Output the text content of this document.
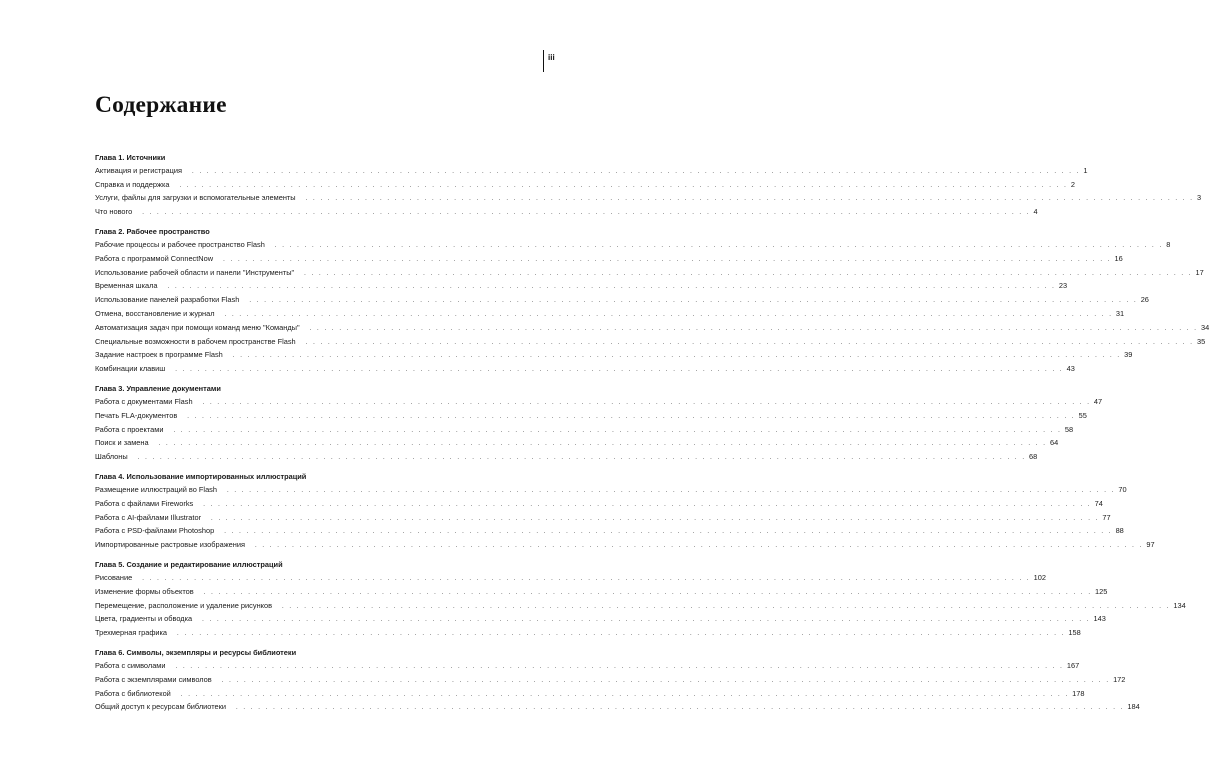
iii
Содержание
Глава 1. Источники
Активация и регистрация . . . . . . . . . . . . . . . . . . . . . . . . . . . . . . . . . . . . . . . . . . . . . . . . . . . . . . . . . . . . . . . . . . . . . . . . . . . . . . . . . . . . . . . . . . . . . . . . . . . . . . . . . . . . . . . . . . . . . . . . 1
Справка и поддержка . . . . . . . . . . . . . . . . . . . . . . . . . . . . . . . . . . . . . . . . . . . . . . . . . . . . . . . . . . . . . . . . . . . . . . . . . . . . . . . . . . . . . . . . . . . . . . . . . . . . . . . . . . . . . . . . . . . . . . . . 2
Услуги, файлы для загрузки и вспомогательные элементы . . . . . . . . . . . . . . . . . . . . . . . . . . . . . . . . . . . . . . . . . . . . . . . . . . . . . . . . . . . . . . . . . . . . . . . . . . . . . . . . . . . . . . . . . . . . . . . . . . . . . . . . . . . . . . . . . . . . . . . . 3
Что нового . . . . . . . . . . . . . . . . . . . . . . . . . . . . . . . . . . . . . . . . . . . . . . . . . . . . . . . . . . . . . . . . . . . . . . . . . . . . . . . . . . . . . . . . . . . . . . . . . . . . . . . . . . . . . . . . . . . . . . . . 4
Глава 2. Рабочее пространство
Рабочие процессы и рабочее пространство Flash . . . . . . . . . . . . . . . . . . . . . . . . . . . . . . . . . . . . . . . . . . . . . . . . . . . . . . . . . . . . . . . . . . . . . . . . . . . . . . . . . . . . . . . . . . . . . . . . . . . . . . . . . . . . . . . . . . . . . . . . 8
Работа с программой ConnectNow . . . . . . . . . . . . . . . . . . . . . . . . . . . . . . . . . . . . . . . . . . . . . . . . . . . . . . . . . . . . . . . . . . . . . . . . . . . . . . . . . . . . . . . . . . . . . . . . . . . . . . . . . . . . . . . . . . . . . . . . 16
Использование рабочей области и панели "Инструменты" . . . . . . . . . . . . . . . . . . . . . . . . . . . . . . . . . . . . . . . . . . . . . . . . . . . . . . . . . . . . . . . . . . . . . . . . . . . . . . . . . . . . . . . . . . . . . . . . . . . . . . . . . . . . . . . . . . . . . . . . 17
Временная шкала . . . . . . . . . . . . . . . . . . . . . . . . . . . . . . . . . . . . . . . . . . . . . . . . . . . . . . . . . . . . . . . . . . . . . . . . . . . . . . . . . . . . . . . . . . . . . . . . . . . . . . . . . . . . . . . . . . . . . . . . 23
Использование панелей разработки Flash . . . . . . . . . . . . . . . . . . . . . . . . . . . . . . . . . . . . . . . . . . . . . . . . . . . . . . . . . . . . . . . . . . . . . . . . . . . . . . . . . . . . . . . . . . . . . . . . . . . . . . . . . . . . . . . . . . . . . . . . 26
Отмена, восстановление и журнал . . . . . . . . . . . . . . . . . . . . . . . . . . . . . . . . . . . . . . . . . . . . . . . . . . . . . . . . . . . . . . . . . . . . . . . . . . . . . . . . . . . . . . . . . . . . . . . . . . . . . . . . . . . . . . . . . . . . . . . . 31
Автоматизация задач при помощи команд меню "Команды" . . . . . . . . . . . . . . . . . . . . . . . . . . . . . . . . . . . . . . . . . . . . . . . . . . . . . . . . . . . . . . . . . . . . . . . . . . . . . . . . . . . . . . . . . . . . . . . . . . . . . . . . . . . . . . . . . . . . . . . . 34
Специальные возможности в рабочем пространстве Flash . . . . . . . . . . . . . . . . . . . . . . . . . . . . . . . . . . . . . . . . . . . . . . . . . . . . . . . . . . . . . . . . . . . . . . . . . . . . . . . . . . . . . . . . . . . . . . . . . . . . . . . . . . . . . . . . . . . . . . . . 35
Задание настроек в программе Flash . . . . . . . . . . . . . . . . . . . . . . . . . . . . . . . . . . . . . . . . . . . . . . . . . . . . . . . . . . . . . . . . . . . . . . . . . . . . . . . . . . . . . . . . . . . . . . . . . . . . . . . . . . . . . . . . . . . . . . . . 39
Комбинации клавиш . . . . . . . . . . . . . . . . . . . . . . . . . . . . . . . . . . . . . . . . . . . . . . . . . . . . . . . . . . . . . . . . . . . . . . . . . . . . . . . . . . . . . . . . . . . . . . . . . . . . . . . . . . . . . . . . . . . . . . . . 43
Глава 3. Управление документами
Работа с документами Flash . . . . . . . . . . . . . . . . . . . . . . . . . . . . . . . . . . . . . . . . . . . . . . . . . . . . . . . . . . . . . . . . . . . . . . . . . . . . . . . . . . . . . . . . . . . . . . . . . . . . . . . . . . . . . . . . . . . . . . . . 47
Печать FLA-документов . . . . . . . . . . . . . . . . . . . . . . . . . . . . . . . . . . . . . . . . . . . . . . . . . . . . . . . . . . . . . . . . . . . . . . . . . . . . . . . . . . . . . . . . . . . . . . . . . . . . . . . . . . . . . . . . . . . . . . . . 55
Работа с проектами . . . . . . . . . . . . . . . . . . . . . . . . . . . . . . . . . . . . . . . . . . . . . . . . . . . . . . . . . . . . . . . . . . . . . . . . . . . . . . . . . . . . . . . . . . . . . . . . . . . . . . . . . . . . . . . . . . . . . . . . 58
Поиск и замена . . . . . . . . . . . . . . . . . . . . . . . . . . . . . . . . . . . . . . . . . . . . . . . . . . . . . . . . . . . . . . . . . . . . . . . . . . . . . . . . . . . . . . . . . . . . . . . . . . . . . . . . . . . . . . . . . . . . . . . . 64
Шаблоны . . . . . . . . . . . . . . . . . . . . . . . . . . . . . . . . . . . . . . . . . . . . . . . . . . . . . . . . . . . . . . . . . . . . . . . . . . . . . . . . . . . . . . . . . . . . . . . . . . . . . . . . . . . . . . . . . . . . . . . . 68
Глава 4. Использование импортированных иллюстраций
Размещение иллюстраций во Flash . . . . . . . . . . . . . . . . . . . . . . . . . . . . . . . . . . . . . . . . . . . . . . . . . . . . . . . . . . . . . . . . . . . . . . . . . . . . . . . . . . . . . . . . . . . . . . . . . . . . . . . . . . . . . . . . . . . . . . . . 70
Работа с файлами Fireworks . . . . . . . . . . . . . . . . . . . . . . . . . . . . . . . . . . . . . . . . . . . . . . . . . . . . . . . . . . . . . . . . . . . . . . . . . . . . . . . . . . . . . . . . . . . . . . . . . . . . . . . . . . . . . . . . . . . . . . . . 74
Работа с AI-файлами Illustrator . . . . . . . . . . . . . . . . . . . . . . . . . . . . . . . . . . . . . . . . . . . . . . . . . . . . . . . . . . . . . . . . . . . . . . . . . . . . . . . . . . . . . . . . . . . . . . . . . . . . . . . . . . . . . . . . . . . . . . . . 77
Работа с PSD-файлами Photoshop . . . . . . . . . . . . . . . . . . . . . . . . . . . . . . . . . . . . . . . . . . . . . . . . . . . . . . . . . . . . . . . . . . . . . . . . . . . . . . . . . . . . . . . . . . . . . . . . . . . . . . . . . . . . . . . . . . . . . . . . 88
Импортированные растровые изображения . . . . . . . . . . . . . . . . . . . . . . . . . . . . . . . . . . . . . . . . . . . . . . . . . . . . . . . . . . . . . . . . . . . . . . . . . . . . . . . . . . . . . . . . . . . . . . . . . . . . . . . . . . . . . . . . . . . . . . . . 97
Глава 5. Создание и редактирование иллюстраций
Рисование . . . . . . . . . . . . . . . . . . . . . . . . . . . . . . . . . . . . . . . . . . . . . . . . . . . . . . . . . . . . . . . . . . . . . . . . . . . . . . . . . . . . . . . . . . . . . . . . . . . . . . . . . . . . . . . . . . . . . . . . 102
Изменение формы объектов . . . . . . . . . . . . . . . . . . . . . . . . . . . . . . . . . . . . . . . . . . . . . . . . . . . . . . . . . . . . . . . . . . . . . . . . . . . . . . . . . . . . . . . . . . . . . . . . . . . . . . . . . . . . . . . . . . . . . . . . 125
Перемещение, расположение и удаление рисунков . . . . . . . . . . . . . . . . . . . . . . . . . . . . . . . . . . . . . . . . . . . . . . . . . . . . . . . . . . . . . . . . . . . . . . . . . . . . . . . . . . . . . . . . . . . . . . . . . . . . . . . . . . . . . . . . . . . . . . . . 134
Цвета, градиенты и обводка . . . . . . . . . . . . . . . . . . . . . . . . . . . . . . . . . . . . . . . . . . . . . . . . . . . . . . . . . . . . . . . . . . . . . . . . . . . . . . . . . . . . . . . . . . . . . . . . . . . . . . . . . . . . . . . . . . . . . . . . 143
Трехмерная графика . . . . . . . . . . . . . . . . . . . . . . . . . . . . . . . . . . . . . . . . . . . . . . . . . . . . . . . . . . . . . . . . . . . . . . . . . . . . . . . . . . . . . . . . . . . . . . . . . . . . . . . . . . . . . . . . . . . . . . . . 158
Глава 6. Символы, экземпляры и ресурсы библиотеки
Работа с символами . . . . . . . . . . . . . . . . . . . . . . . . . . . . . . . . . . . . . . . . . . . . . . . . . . . . . . . . . . . . . . . . . . . . . . . . . . . . . . . . . . . . . . . . . . . . . . . . . . . . . . . . . . . . . . . . . . . . . . . . 167
Работа с экземплярами символов . . . . . . . . . . . . . . . . . . . . . . . . . . . . . . . . . . . . . . . . . . . . . . . . . . . . . . . . . . . . . . . . . . . . . . . . . . . . . . . . . . . . . . . . . . . . . . . . . . . . . . . . . . . . . . . . . . . . . . . . 172
Работа с библиотекой . . . . . . . . . . . . . . . . . . . . . . . . . . . . . . . . . . . . . . . . . . . . . . . . . . . . . . . . . . . . . . . . . . . . . . . . . . . . . . . . . . . . . . . . . . . . . . . . . . . . . . . . . . . . . . . . . . . . . . . . 178
Общий доступ к ресурсам библиотеки . . . . . . . . . . . . . . . . . . . . . . . . . . . . . . . . . . . . . . . . . . . . . . . . . . . . . . . . . . . . . . . . . . . . . . . . . . . . . . . . . . . . . . . . . . . . . . . . . . . . . . . . . . . . . . . . . . . . . . . . 184
